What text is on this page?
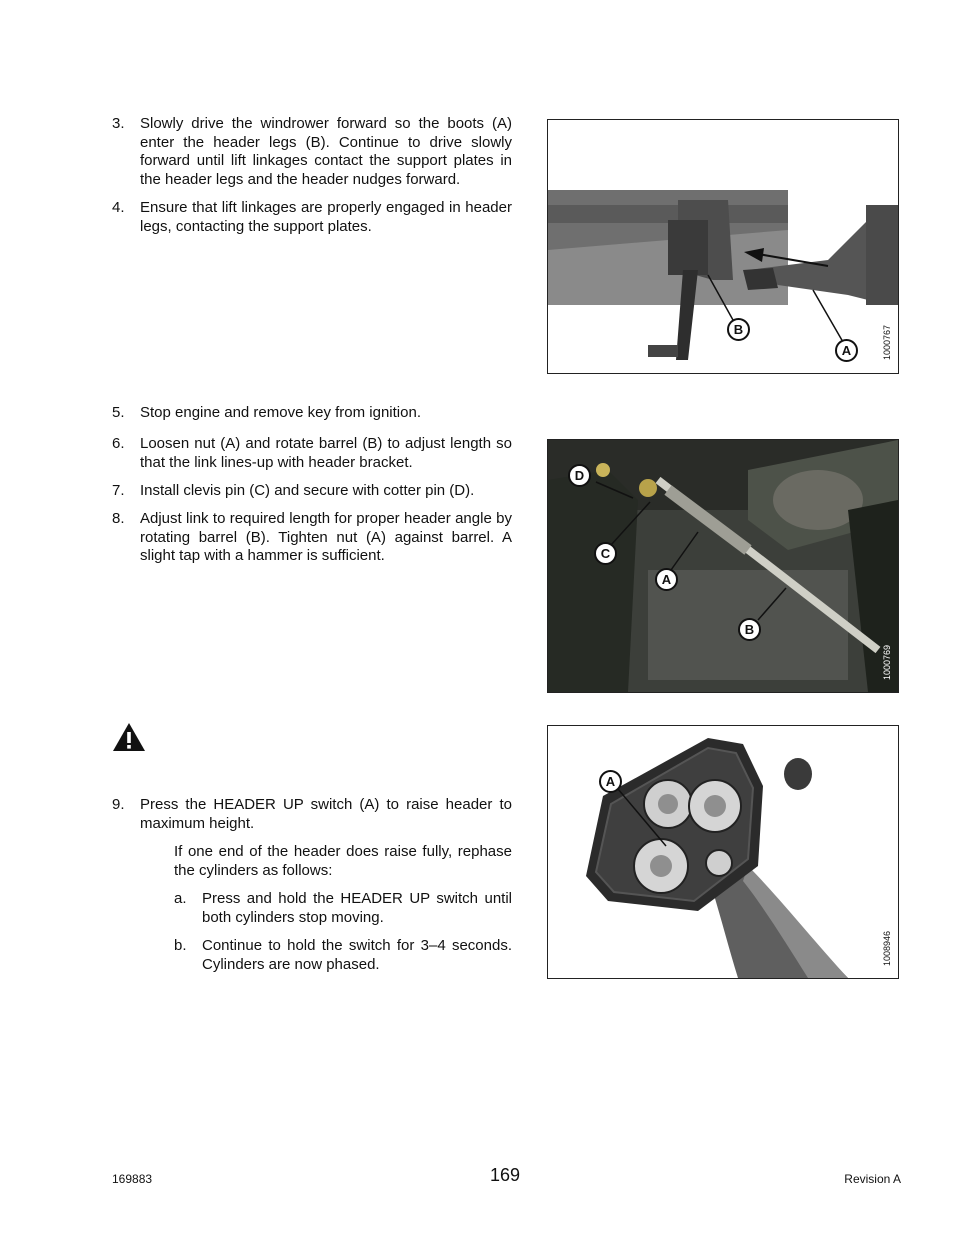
3.	Slowly drive the windrower forward so the boots (A) enter the header legs (B). Continue to drive slowly forward until lift linkages contact the support plates in the header legs and the header nudges forward.
4.	Ensure that lift linkages are properly engaged in header legs, contacting the support plates.
B
A	1000767
5.	Stop engine and remove key from ignition.
6.	Loosen nut (A) and rotate barrel (B) to adjust length so that the link lines-up with header bracket.
7.	Install clevis pin (C) and secure with cotter pin (D).
8.	Adjust link to required length for proper header angle by rotating barrel (B). Tighten nut (A) against barrel. A slight tap with a hammer is sufficient.
D
C
A
B
1000769
9.	Press the HEADER UP switch (A) to raise header to maximum height.
If one end of the header does raise fully, rephase the cylinders as follows:
a. Press and hold the HEADER UP switch until both cylinders stop moving.
b. Continue to hold the switch for 3–4 seconds. Cylinders are now phased.
A
1008946
169883	169	Revision A
